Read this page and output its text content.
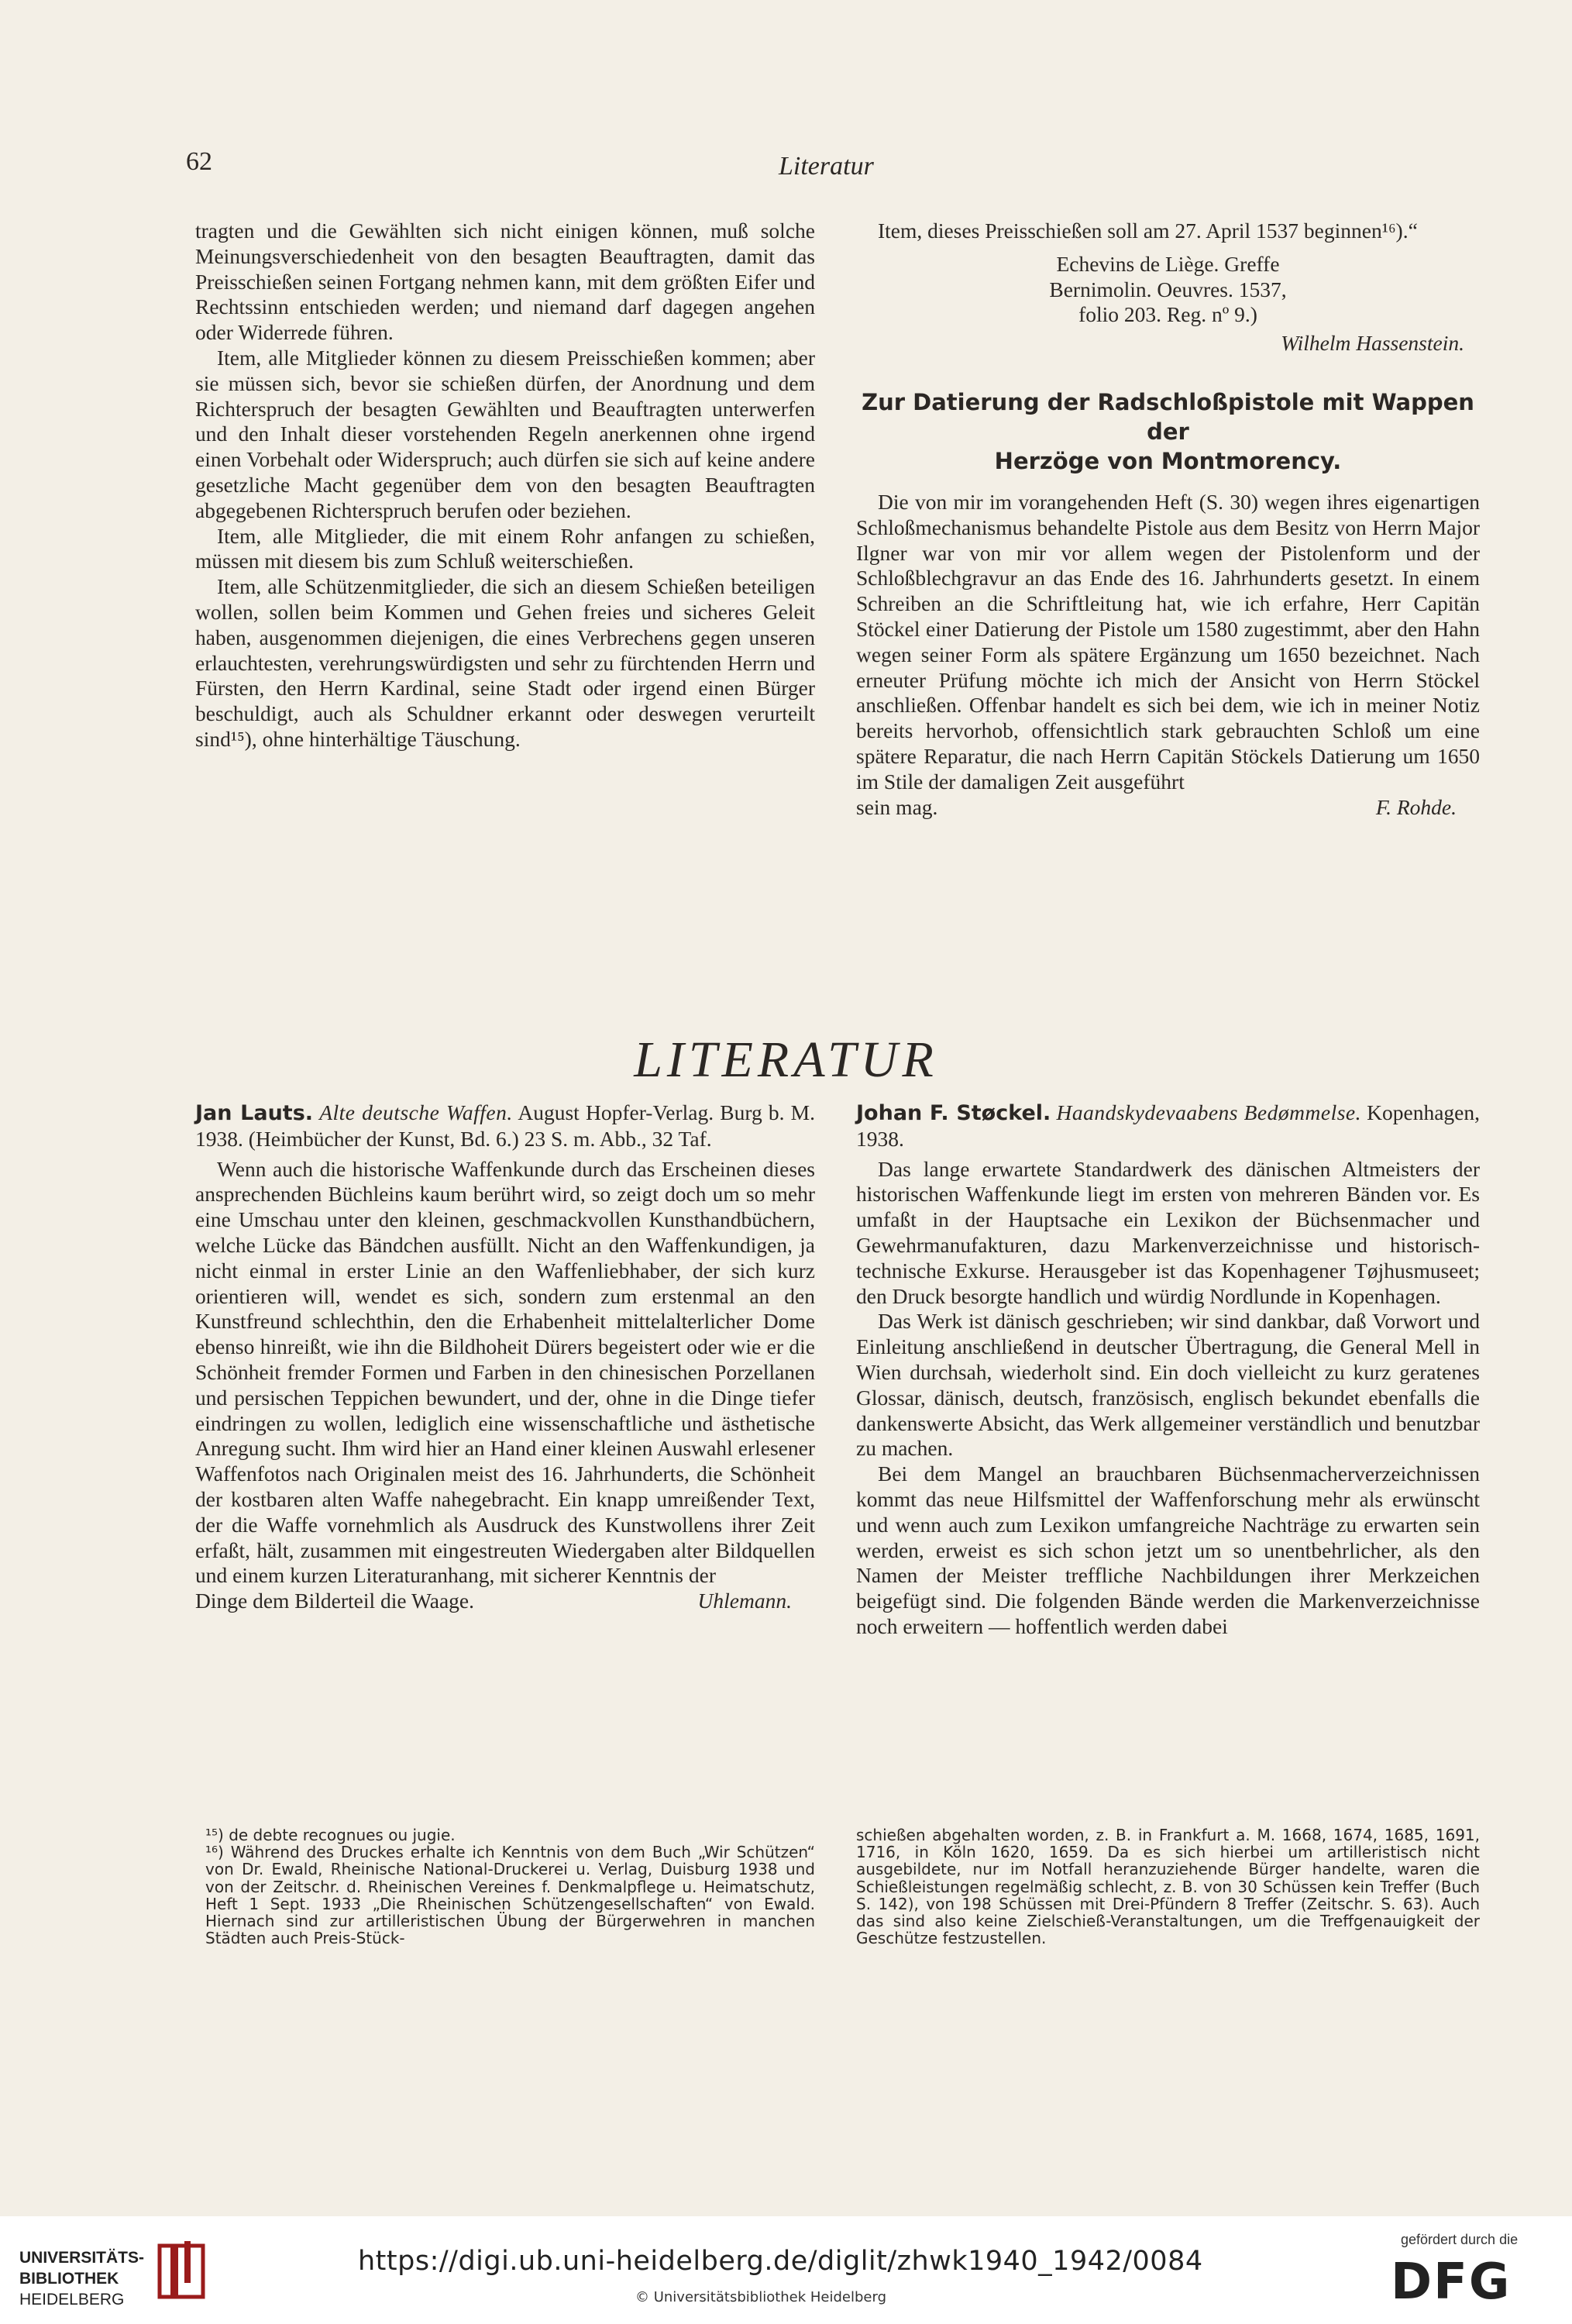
62	Literatur

tragten und die Gewählten sich nicht einigen können, muß solche Meinungsverschiedenheit von den besagten Beauftragten, damit das Preisschießen seinen Fortgang nehmen kann, mit dem größten Eifer und Rechtssinn entschieden werden; und niemand darf dagegen angehen oder Widerrede führen.

Item, alle Mitglieder können zu diesem Preisschießen kommen; aber sie müssen sich, bevor sie schießen dürfen, der Anordnung und dem Richterspruch der besagten Gewählten und Beauftragten unterwerfen und den Inhalt dieser vorstehenden Regeln anerkennen ohne irgend einen Vorbehalt oder Widerspruch; auch dürfen sie sich auf keine andere gesetzliche Macht gegenüber dem von den besagten Beauftragten abgegebenen Richterspruch berufen oder beziehen.

Item, alle Mitglieder, die mit einem Rohr anfangen zu schießen, müssen mit diesem bis zum Schluß weiterschießen.

Item, alle Schützenmitglieder, die sich an diesem Schießen beteiligen wollen, sollen beim Kommen und Gehen freies und sicheres Geleit haben, ausgenommen diejenigen, die eines Verbrechens gegen unseren erlauchtesten, verehrungswürdigsten und sehr zu fürchtenden Herrn und Fürsten, den Herrn Kardinal, seine Stadt oder irgend einen Bürger beschuldigt, auch als Schuldner erkannt oder deswegen verurteilt sind¹⁵), ohne hinterhältige Täuschung.

Item, dieses Preisschießen soll am 27. April 1537 beginnen¹⁶).“

Echevins de Liège. Greffe
Bernimolin. Oeuvres. 1537,
folio 203. Reg. nº 9.)
Wilhelm Hassenstein.
Zur Datierung der Radschloßpistole mit Wappen der
Herzöge von Montmorency.

Die von mir im vorangehenden Heft (S. 30) wegen ihres eigenartigen Schloßmechanismus behandelte Pistole aus dem Besitz von Herrn Major Ilgner war von mir vor allem wegen der Pistolenform und der Schloßblechgravur an das Ende des 16. Jahrhunderts gesetzt. In einem Schreiben an die Schriftleitung hat, wie ich erfahre, Herr Capitän Stöckel einer Datierung der Pistole um 1580 zugestimmt, aber den Hahn wegen seiner Form als spätere Ergänzung um 1650 bezeichnet. Nach erneuter Prüfung möchte ich mich der Ansicht von Herrn Stöckel anschließen. Offenbar handelt es sich bei dem, wie ich in meiner Notiz bereits hervorhob, offensichtlich stark gebrauchten Schloß um eine spätere Reparatur, die nach Herrn Capitän Stöckels Datierung um 1650 im Stile der damaligen Zeit ausgeführt

sein mag.	F. Rohde.
LITERATUR

Jan Lauts. Alte deutsche Waffen. August Hopfer-Verlag. Burg b. M. 1938. (Heimbücher der Kunst, Bd. 6.) 23 S. m. Abb., 32 Taf.

Wenn auch die historische Waffenkunde durch das Erscheinen dieses ansprechenden Büchleins kaum berührt wird, so zeigt doch um so mehr eine Umschau unter den kleinen, geschmackvollen Kunsthandbüchern, welche Lücke das Bändchen ausfüllt. Nicht an den Waffenkundigen, ja nicht einmal in erster Linie an den Waffenliebhaber, der sich kurz orientieren will, wendet es sich, sondern zum erstenmal an den Kunstfreund schlechthin, den die Erhabenheit mittelalterlicher Dome ebenso hinreißt, wie ihn die Bildhoheit Dürers begeistert oder wie er die Schönheit fremder Formen und Farben in den chinesischen Porzellanen und persischen Teppichen bewundert, und der, ohne in die Dinge tiefer eindringen zu wollen, lediglich eine wissenschaftliche und ästhetische Anregung sucht. Ihm wird hier an Hand einer kleinen Auswahl erlesener Waffenfotos nach Originalen meist des 16. Jahrhunderts, die Schönheit der kostbaren alten Waffe nahegebracht. Ein knapp umreißender Text, der die Waffe vornehmlich als Ausdruck des Kunstwollens ihrer Zeit erfaßt, hält, zusammen mit eingestreuten Wiedergaben alter Bildquellen und einem kurzen Literaturanhang, mit sicherer Kenntnis der

Dinge dem Bilderteil die Waage.	Uhlemann.

Johan F. Støckel. Haandskydevaabens Bedømmelse. Kopenhagen, 1938.

Das lange erwartete Standardwerk des dänischen Altmeisters der historischen Waffenkunde liegt im ersten von mehreren Bänden vor. Es umfaßt in der Hauptsache ein Lexikon der Büchsenmacher und Gewehrmanufakturen, dazu Markenverzeichnisse und historisch-technische Exkurse. Herausgeber ist das Kopenhagener Tøjhusmuseet; den Druck besorgte handlich und würdig Nordlunde in Kopenhagen.

Das Werk ist dänisch geschrieben; wir sind dankbar, daß Vorwort und Einleitung anschließend in deutscher Übertragung, die General Mell in Wien durchsah, wiederholt sind. Ein doch vielleicht zu kurz geratenes Glossar, dänisch, deutsch, französisch, englisch bekundet ebenfalls die dankenswerte Absicht, das Werk allgemeiner verständlich und benutzbar zu machen.

Bei dem Mangel an brauchbaren Büchsenmacherverzeichnissen kommt das neue Hilfsmittel der Waffenforschung mehr als erwünscht und wenn auch zum Lexikon umfangreiche Nachträge zu erwarten sein werden, erweist es sich schon jetzt um so unentbehrlicher, als den Namen der Meister treffliche Nachbildungen ihrer Merkzeichen beigefügt sind. Die folgenden Bände werden die Markenverzeichnisse noch erweitern — hoffentlich werden dabei

¹⁵) de debte recognues ou jugie.

¹⁶) Während des Druckes erhalte ich Kenntnis von dem Buch „Wir Schützen“ von Dr. Ewald, Rheinische National-Druckerei u. Verlag, Duisburg 1938 und von der Zeitschr. d. Rheinischen Vereines f. Denkmalpflege u. Heimatschutz, Heft 1 Sept. 1933 „Die Rheinischen Schützengesellschaften“ von Ewald. Hiernach sind zur artilleristischen Übung der Bürgerwehren in manchen Städten auch Preis-Stück-

schießen abgehalten worden, z. B. in Frankfurt a. M. 1668, 1674, 1685, 1691, 1716, in Köln 1620, 1659. Da es sich hierbei um artilleristisch nicht ausgebildete, nur im Notfall heranzuziehende Bürger handelte, waren die Schießleistungen regelmäßig schlecht, z. B. von 30 Schüssen kein Treffer (Buch S. 142), von 198 Schüssen mit Drei-Pfündern 8 Treffer (Zeitschr. S. 63). Auch das sind also keine Zielschieß-Veranstaltungen, um die Treffgenauigkeit der Geschütze festzustellen.

UNIVERSITÄTS-
BIBLIOTHEK
HEIDELBERG
https://digi.ub.uni-heidelberg.de/diglit/zhwk1940_1942/0084
© Universitätsbibliothek Heidelberg
gefördert durch die
DFG
